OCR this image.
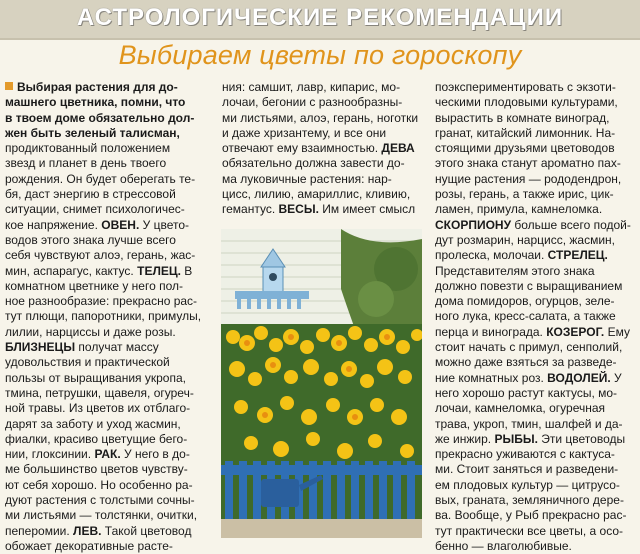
АСТРОЛОГИЧЕСКИЕ РЕКОМЕНДАЦИИ
Выбираем цветы по гороскопу
Выбирая растения для до-
машнего цветника, помни, что
в твоем доме обязательно дол-
жен быть зеленый талисман,
продиктованный положением
звезд и планет в день твоего
рождения. Он будет оберегать те-
бя, даст энергию в стрессовой
ситуации, снимет психологичес-
кое напряжение. ОВЕН. У цвето-
водов этого знака лучше всего
себя чувствуют алоэ, герань, жас-
мин, аспарагус, кактус. ТЕЛЕЦ. В
комнатном цветнике у него пол-
ное разнообразие: прекрасно рас-
тут плющи, папоротники, примулы,
лилии, нарциссы и даже розы.
БЛИЗНЕЦЫ получат массу
удовольствия и практической
пользы от выращивания укропа,
тмина, петрушки, щавеля, огуреч-
ной травы. Из цветов их отблаго-
дарят за заботу и уход жасмин,
фиалки, красиво цветущие бего-
нии, глоксинии. РАК. У него в до-
ме большинство цветов чувству-
ют себя хорошо. Но особенно ра-
дуют растения с толстыми сочны-
ми листьями — толстянки, очитки,
пеперомии. ЛЕВ. Такой цветовод
обожает декоративные расте-
ния: самшит, лавр, кипарис, мо-
лочаи, бегонии с разнообразны-
ми листьями, алоэ, герань, ноготки
и даже хризантему, и все они
отвечают ему взаимностью. ДЕВА
обязательно должна завести до-
ма луковичные растения: нар-
цисс, лилию, амариллис, кливию,
гемантус. ВЕСЫ. Им имеет смысл
поэкспериментировать с экзоти-
ческими плодовыми культурами,
вырастить в комнате виноград,
гранат, китайский лимонник. На-
стоящими друзьями цветоводов
этого знака станут ароматно пах-
нущие растения — рододендрон,
розы, герань, а также ирис, цик-
ламен, примула, камнеломка.
СКОРПИОНУ больше всего подой-
дут розмарин, нарцисс, жасмин,
пролеска, молочаи. СТРЕЛЕЦ.
Представителям этого знака
должно повезти с выращиванием
дома помидоров, огурцов, зеле-
ного лука, кресс-салата, а также
перца и винограда. КОЗЕРОГ. Ему
стоит начать с примул, сенполий,
можно даже взяться за разведе-
ние комнатных роз. ВОДОЛЕЙ. У
него хорошо растут кактусы, мо-
лочаи, камнеломка, огуречная
трава, укроп, тмин, шалфей и да-
же инжир. РЫБЫ. Эти цветоводы
прекрасно уживаются с кактуса-
ми. Стоит заняться и разведени-
ем плодовых культур — цитрусо-
вых, граната, земляничного дере-
ва. Вообще, у Рыб прекрасно рас-
тут практически все цветы, а осо-
бенно — влаголюбивые.
